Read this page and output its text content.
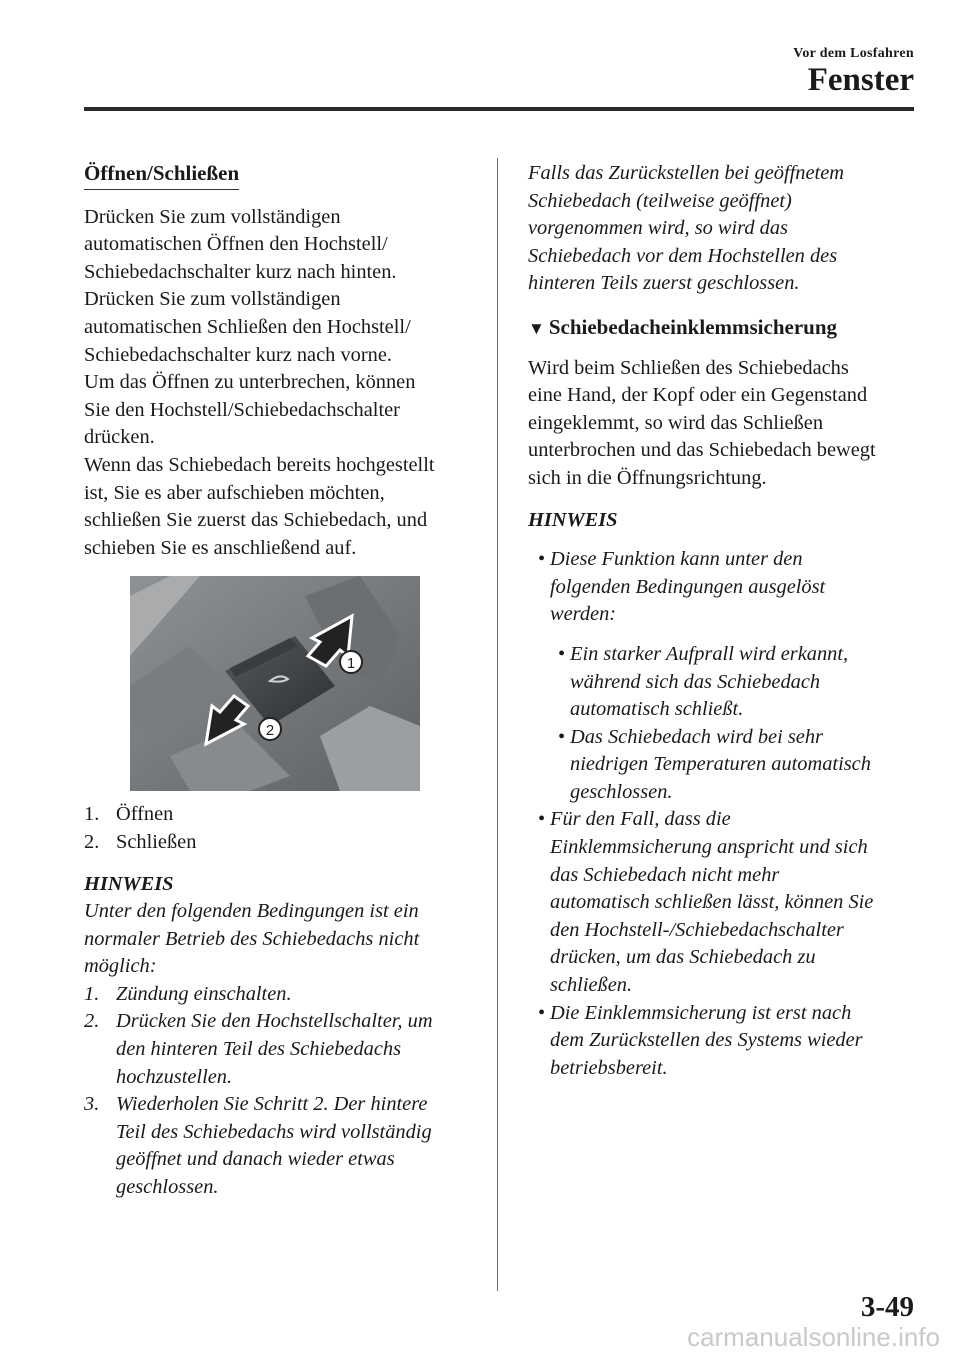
Vor dem Losfahren
Fenster
Öffnen/Schließen

Drücken Sie zum vollständigen

automatischen Öffnen den Hochstell/

Schiebedachschalter kurz nach hinten.

Drücken Sie zum vollständigen

automatischen Schließen den Hochstell/

Schiebedachschalter kurz nach vorne.

Um das Öffnen zu unterbrechen, können

Sie den Hochstell/Schiebedachschalter

drücken.

Wenn das Schiebedach bereits hochgestellt

ist, Sie es aber aufschieben möchten,

schließen Sie zuerst das Schiebedach, und

schieben Sie es anschließend auf.

1
2
1. Öffnen
2. Schließen
HINWEIS

Unter den folgenden Bedingungen ist ein

normaler Betrieb des Schiebedachs nicht

möglich:

1. Zündung einschalten.

2. Drücken Sie den Hochstellschalter, um

den hinteren Teil des Schiebedachs

hochzustellen.

3. Wiederholen Sie Schritt 2. Der hintere

Teil des Schiebedachs wird vollständig

geöffnet und danach wieder etwas

geschlossen.

Falls das Zurückstellen bei geöffnetem

Schiebedach (teilweise geöffnet)

vorgenommen wird, so wird das

Schiebedach vor dem Hochstellen des

hinteren Teils zuerst geschlossen.

▼ Schiebedacheinklemmsicherung

Wird beim Schließen des Schiebedachs

eine Hand, der Kopf oder ein Gegenstand

eingeklemmt, so wird das Schließen

unterbrochen und das Schiebedach bewegt

sich in die Öffnungsrichtung.

HINWEIS
• Diese Funktion kann unter den

folgenden Bedingungen ausgelöst

werden:

• Ein starker Aufprall wird erkannt,

während sich das Schiebedach

automatisch schließt.

• Das Schiebedach wird bei sehr

niedrigen Temperaturen automatisch

geschlossen.

• Für den Fall, dass die

Einklemmsicherung anspricht und sich

das Schiebedach nicht mehr

automatisch schließen lässt, können Sie

den Hochstell-/Schiebedachschalter

drücken, um das Schiebedach zu

schließen.

• Die Einklemmsicherung ist erst nach

dem Zurückstellen des Systems wieder

betriebsbereit.

3-49
carmanualsonline.info
